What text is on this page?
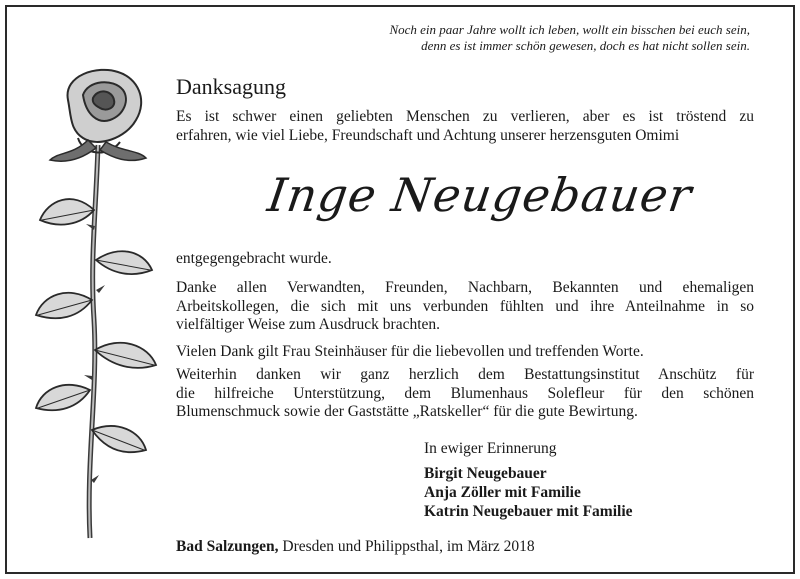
Noch ein paar Jahre wollt ich leben, wollt ein bisschen bei euch sein,
denn es ist immer schön gewesen, doch es hat nicht sollen sein.
Danksagung
Es ist schwer einen geliebten Menschen zu verlieren, aber es ist tröstend zu
erfahren, wie viel Liebe, Freundschaft und Achtung unserer herzensguten Omimi
Inge Neugebauer
entgegengebracht wurde.
Danke allen Verwandten, Freunden, Nachbarn, Bekannten und ehemaligen
Arbeitskollegen, die sich mit uns verbunden fühlten und ihre Anteilnahme in so
vielfältiger Weise zum Ausdruck brachten.
Vielen Dank gilt Frau Steinhäuser für die liebevollen und treffenden Worte.
Weiterhin danken wir ganz herzlich dem Bestattungsinstitut Anschütz für
die hilfreiche Unterstützung, dem Blumenhaus Solefleur für den schönen
Blumenschmuck sowie der Gaststätte „Ratskeller“ für die gute Bewirtung.
In ewiger Erinnerung
Birgit Neugebauer
Anja Zöller mit Familie
Katrin Neugebauer mit Familie
Bad Salzungen, Dresden und Philippsthal, im März 2018
